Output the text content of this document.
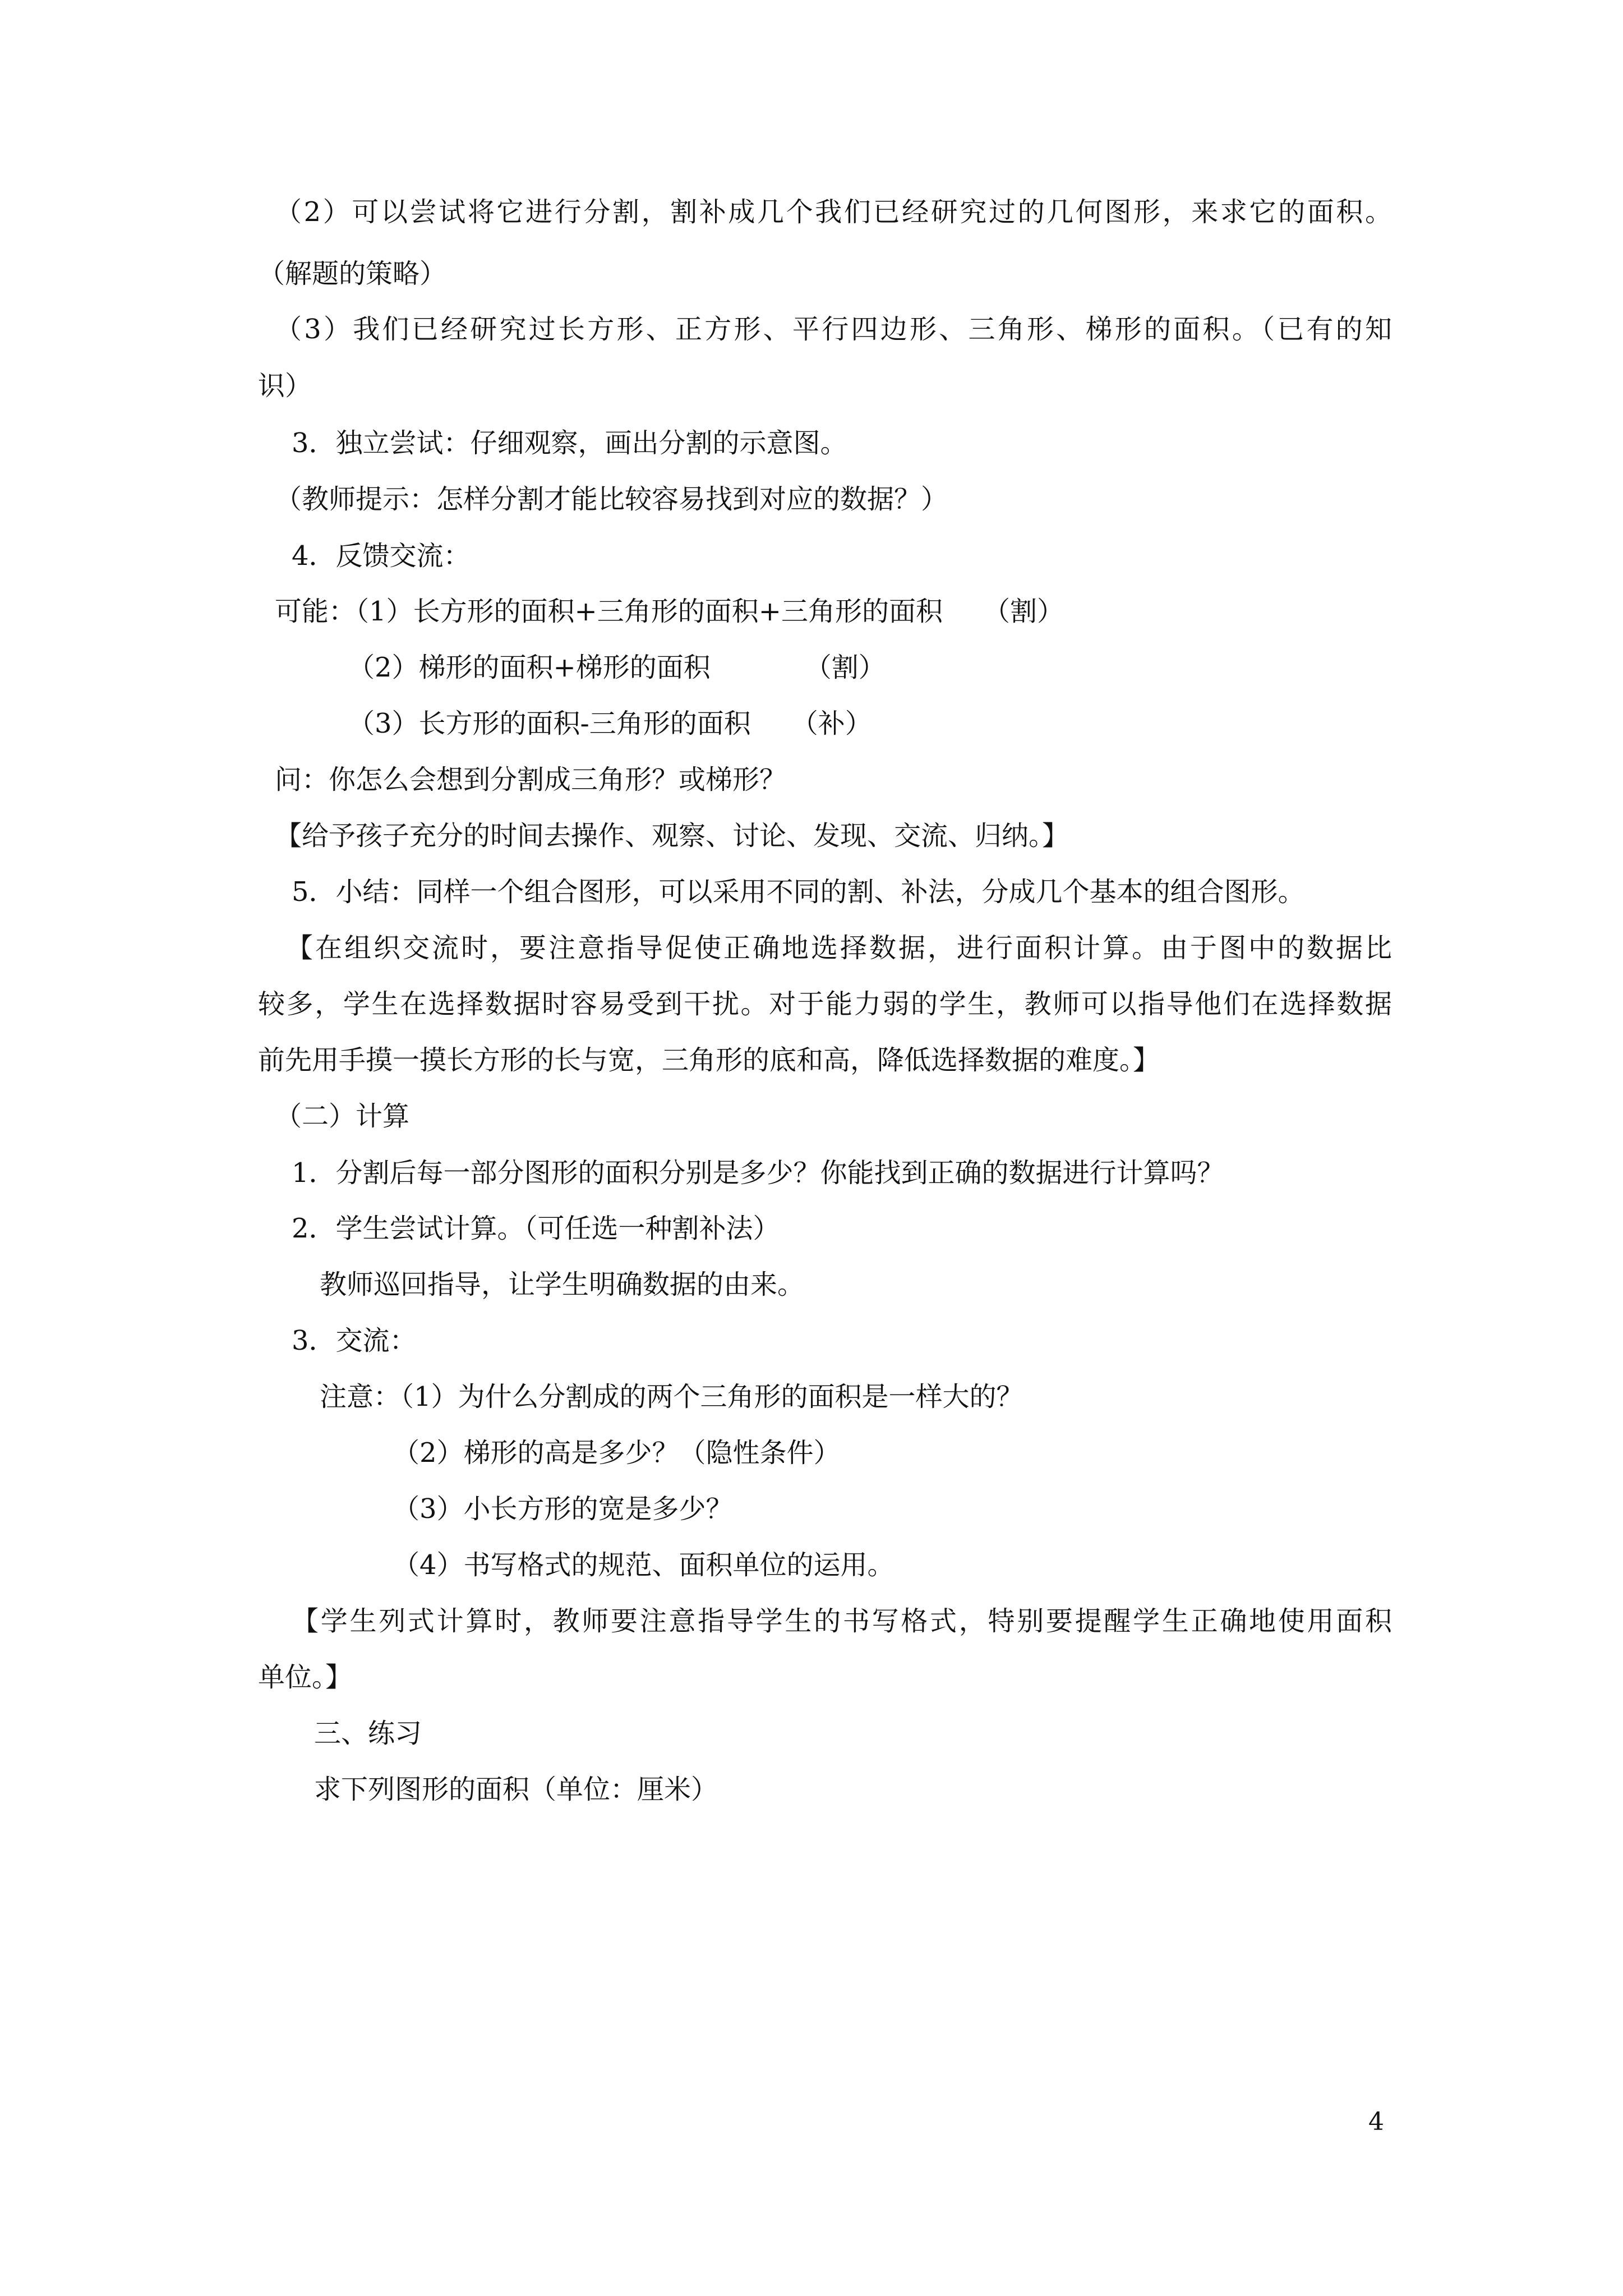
（2）可以尝试将它进行分割，割补成几个我们已经研究过的几何图形，来求它的面积。
（解题的策略）
（3）我们已经研究过长方形、正方形、平行四边形、三角形、梯形的面积。（已有的知
识）
3．独立尝试：仔细观察，画出分割的示意图。
（教师提示：怎样分割才能比较容易找到对应的数据？）
4．反馈交流：
可能：（1）长方形的面积+三角形的面积+三角形的面积　　（割）
（2）梯形的面积+梯形的面积　　　　（割）
（3）长方形的面积-三角形的面积　　（补）
问：你怎么会想到分割成三角形？或梯形？
【给予孩子充分的时间去操作、观察、讨论、发现、交流、归纳。】
5．小结：同样一个组合图形，可以采用不同的割、补法，分成几个基本的组合图形。
【在组织交流时，要注意指导促使正确地选择数据，进行面积计算。由于图中的数据比
较多，学生在选择数据时容易受到干扰。对于能力弱的学生，教师可以指导他们在选择数据
前先用手摸一摸长方形的长与宽，三角形的底和高，降低选择数据的难度。】
（二）计算
1．分割后每一部分图形的面积分别是多少？你能找到正确的数据进行计算吗？
2．学生尝试计算。（可任选一种割补法）
教师巡回指导，让学生明确数据的由来。
3．交流：
注意：（1）为什么分割成的两个三角形的面积是一样大的？
（2）梯形的高是多少？（隐性条件）
（3）小长方形的宽是多少？
（4）书写格式的规范、面积单位的运用。
【学生列式计算时，教师要注意指导学生的书写格式，特别要提醒学生正确地使用面积
单位。】
三、练习
求下列图形的面积（单位：厘米）
4
